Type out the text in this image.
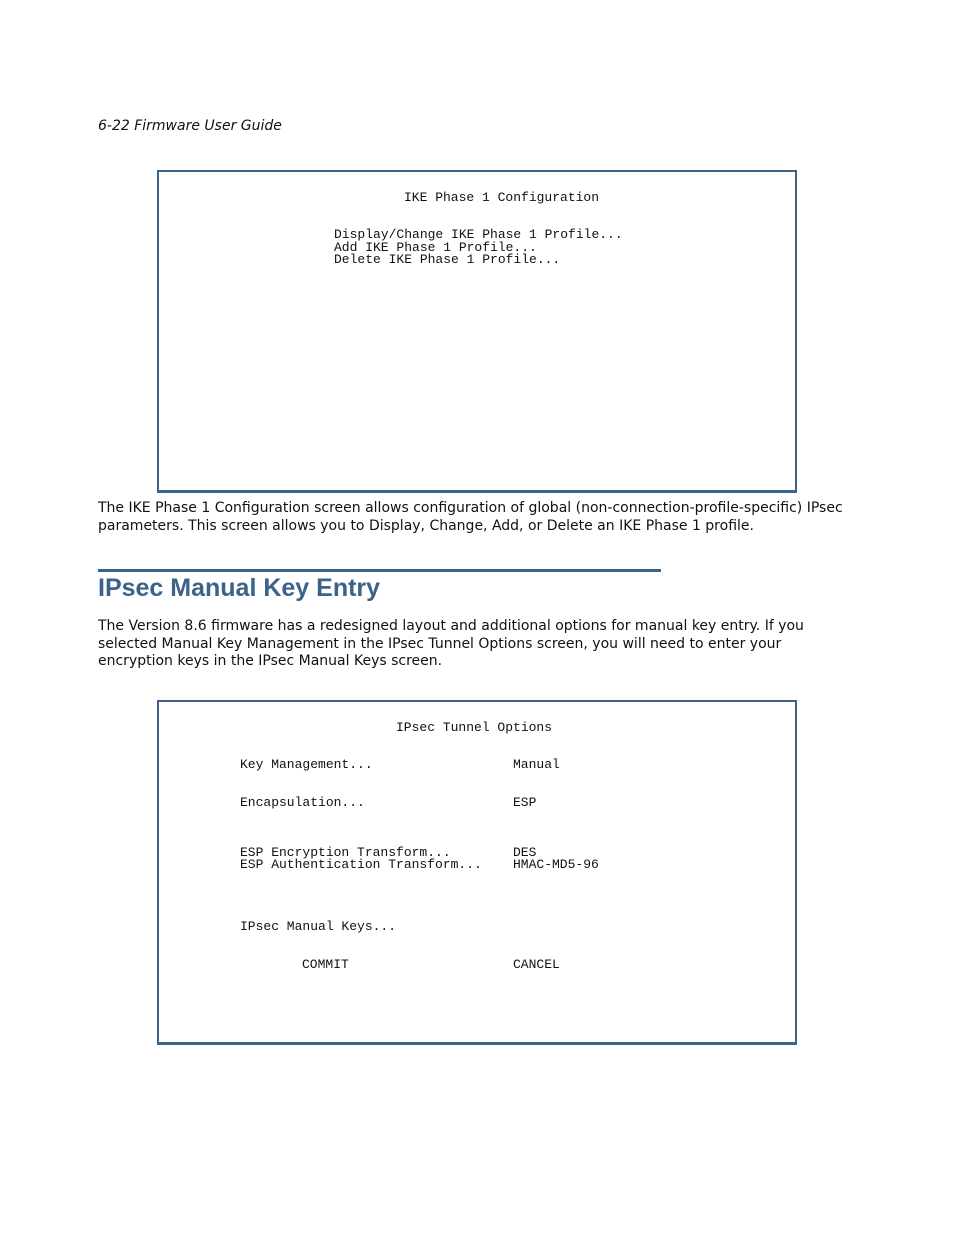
6-22 Firmware User Guide
IKE Phase 1 Configuration
Display/Change IKE Phase 1 Profile...
Add IKE Phase 1 Profile...
Delete IKE Phase 1 Profile...
The IKE Phase 1 Configuration screen allows configuration of global (non-connection-profile-specific) IPsec parameters. This screen allows you to Display, Change, Add, or Delete an IKE Phase 1 profile.
IPsec Manual Key Entry
The Version 8.6 firmware has a redesigned layout and additional options for manual key entry. If you selected Manual Key Management in the IPsec Tunnel Options screen, you will need to enter your encryption keys in the IPsec Manual Keys screen.
IPsec Tunnel Options
Key Management...	Manual
Encapsulation...	ESP
ESP Encryption Transform...	DES
ESP Authentication Transform... HMAC-MD5-96
IPsec Manual Keys...
COMMIT	CANCEL
